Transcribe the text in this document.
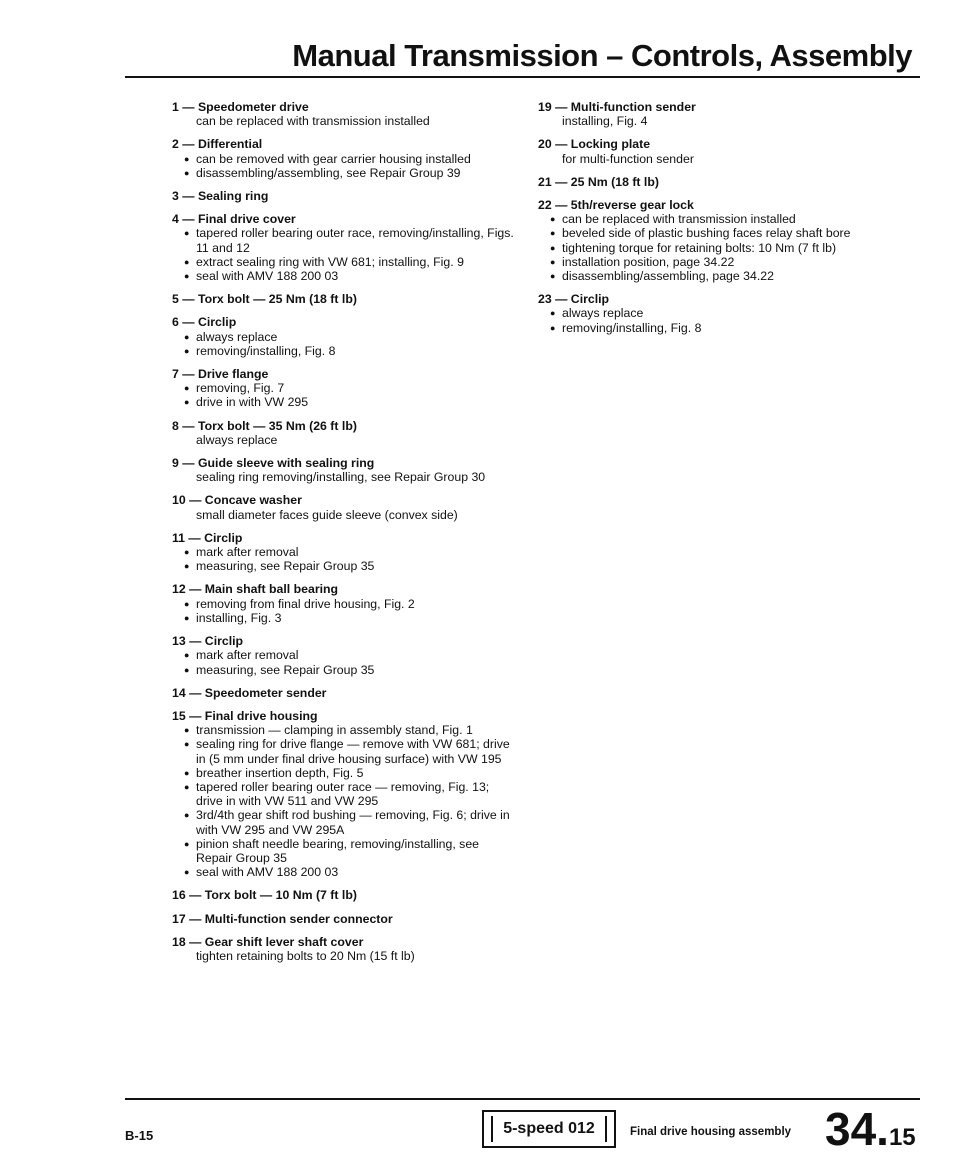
Manual Transmission – Controls, Assembly
1 — Speedometer drive
can be replaced with transmission installed
2 — Differential
● can be removed with gear carrier housing installed
● disassembling/assembling, see Repair Group 39
3 — Sealing ring
4 — Final drive cover
● tapered roller bearing outer race, removing/installing, Figs. 11 and 12
● extract sealing ring with VW 681; installing, Fig. 9
● seal with AMV 188 200 03
5 — Torx bolt — 25 Nm (18 ft lb)
6 — Circlip
● always replace
● removing/installing, Fig. 8
7 — Drive flange
● removing, Fig. 7
● drive in with VW 295
8 — Torx bolt — 35 Nm (26 ft lb)
always replace
9 — Guide sleeve with sealing ring
sealing ring removing/installing, see Repair Group 30
10 — Concave washer
small diameter faces guide sleeve (convex side)
11 — Circlip
● mark after removal
● measuring, see Repair Group 35
12 — Main shaft ball bearing
● removing from final drive housing, Fig. 2
● installing, Fig. 3
13 — Circlip
● mark after removal
● measuring, see Repair Group 35
14 — Speedometer sender
15 — Final drive housing
● transmission — clamping in assembly stand, Fig. 1
● sealing ring for drive flange — remove with VW 681; drive in (5 mm under final drive housing surface) with VW 195
● breather insertion depth, Fig. 5
● tapered roller bearing outer race — removing, Fig. 13; drive in with VW 511 and VW 295
● 3rd/4th gear shift rod bushing — removing, Fig. 6; drive in with VW 295 and VW 295A
● pinion shaft needle bearing, removing/installing, see Repair Group 35
● seal with AMV 188 200 03
16 — Torx bolt — 10 Nm (7 ft lb)
17 — Multi-function sender connector
18 — Gear shift lever shaft cover
tighten retaining bolts to 20 Nm (15 ft lb)
19 — Multi-function sender
installing, Fig. 4
20 — Locking plate
for multi-function sender
21 — 25 Nm (18 ft lb)
22 — 5th/reverse gear lock
● can be replaced with transmission installed
● beveled side of plastic bushing faces relay shaft bore
● tightening torque for retaining bolts: 10 Nm (7 ft lb)
● installation position, page 34.22
● disassembling/assembling, page 34.22
23 — Circlip
● always replace
● removing/installing, Fig. 8
B-15	5-speed 012	Final drive housing assembly 34.15
